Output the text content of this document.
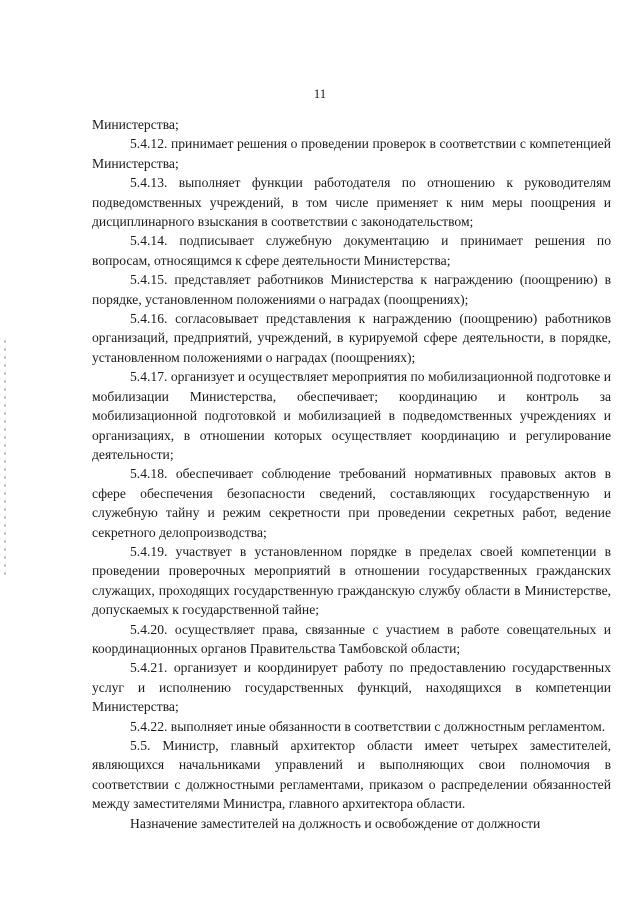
11

Министерства;

5.4.12. принимает решения о проведении проверок в соответствии с компетенцией Министерства;

5.4.13. выполняет функции работодателя по отношению к руководителям подведомственных учреждений, в том числе применяет к ним меры поощрения и дисциплинарного взыскания в соответствии с законодательством;

5.4.14. подписывает служебную документацию и принимает решения по вопросам, относящимся к сфере деятельности Министерства;

5.4.15. представляет работников Министерства к награждению (поощрению) в порядке, установленном положениями о наградах (поощрениях);

5.4.16. согласовывает представления к награждению (поощрению) работников организаций, предприятий, учреждений, в курируемой сфере деятельности, в порядке, установленном положениями о наградах (поощрениях);

5.4.17. организует и осуществляет мероприятия по мобилизационной подготовке и мобилизации Министерства, обеспечивает; координацию и контроль за мобилизационной подготовкой и мобилизацией в подведомственных учреждениях и организациях, в отношении которых осуществляет координацию и регулирование деятельности;

5.4.18. обеспечивает соблюдение требований нормативных правовых актов в сфере обеспечения безопасности сведений, составляющих государственную и служебную тайну и режим секретности при проведении секретных работ, ведение секретного делопроизводства;

5.4.19. участвует в установленном порядке в пределах своей компетенции в проведении проверочных мероприятий в отношении государственных гражданских служащих, проходящих государственную гражданскую службу области в Министерстве, допускаемых к государственной тайне;

5.4.20. осуществляет права, связанные с участием в работе совещательных и координационных органов Правительства Тамбовской области;

5.4.21. организует и координирует работу по предоставлению государственных услуг и исполнению государственных функций, находящихся в компетенции Министерства;

5.4.22. выполняет иные обязанности в соответствии с должностным регламентом.

5.5. Министр, главный архитектор области имеет четырех заместителей, являющихся начальниками управлений и выполняющих свои полномочия в соответствии с должностными регламентами, приказом о распределении обязанностей между заместителями Министра, главного архитектора области.

Назначение заместителей на должность и освобождение от должности
